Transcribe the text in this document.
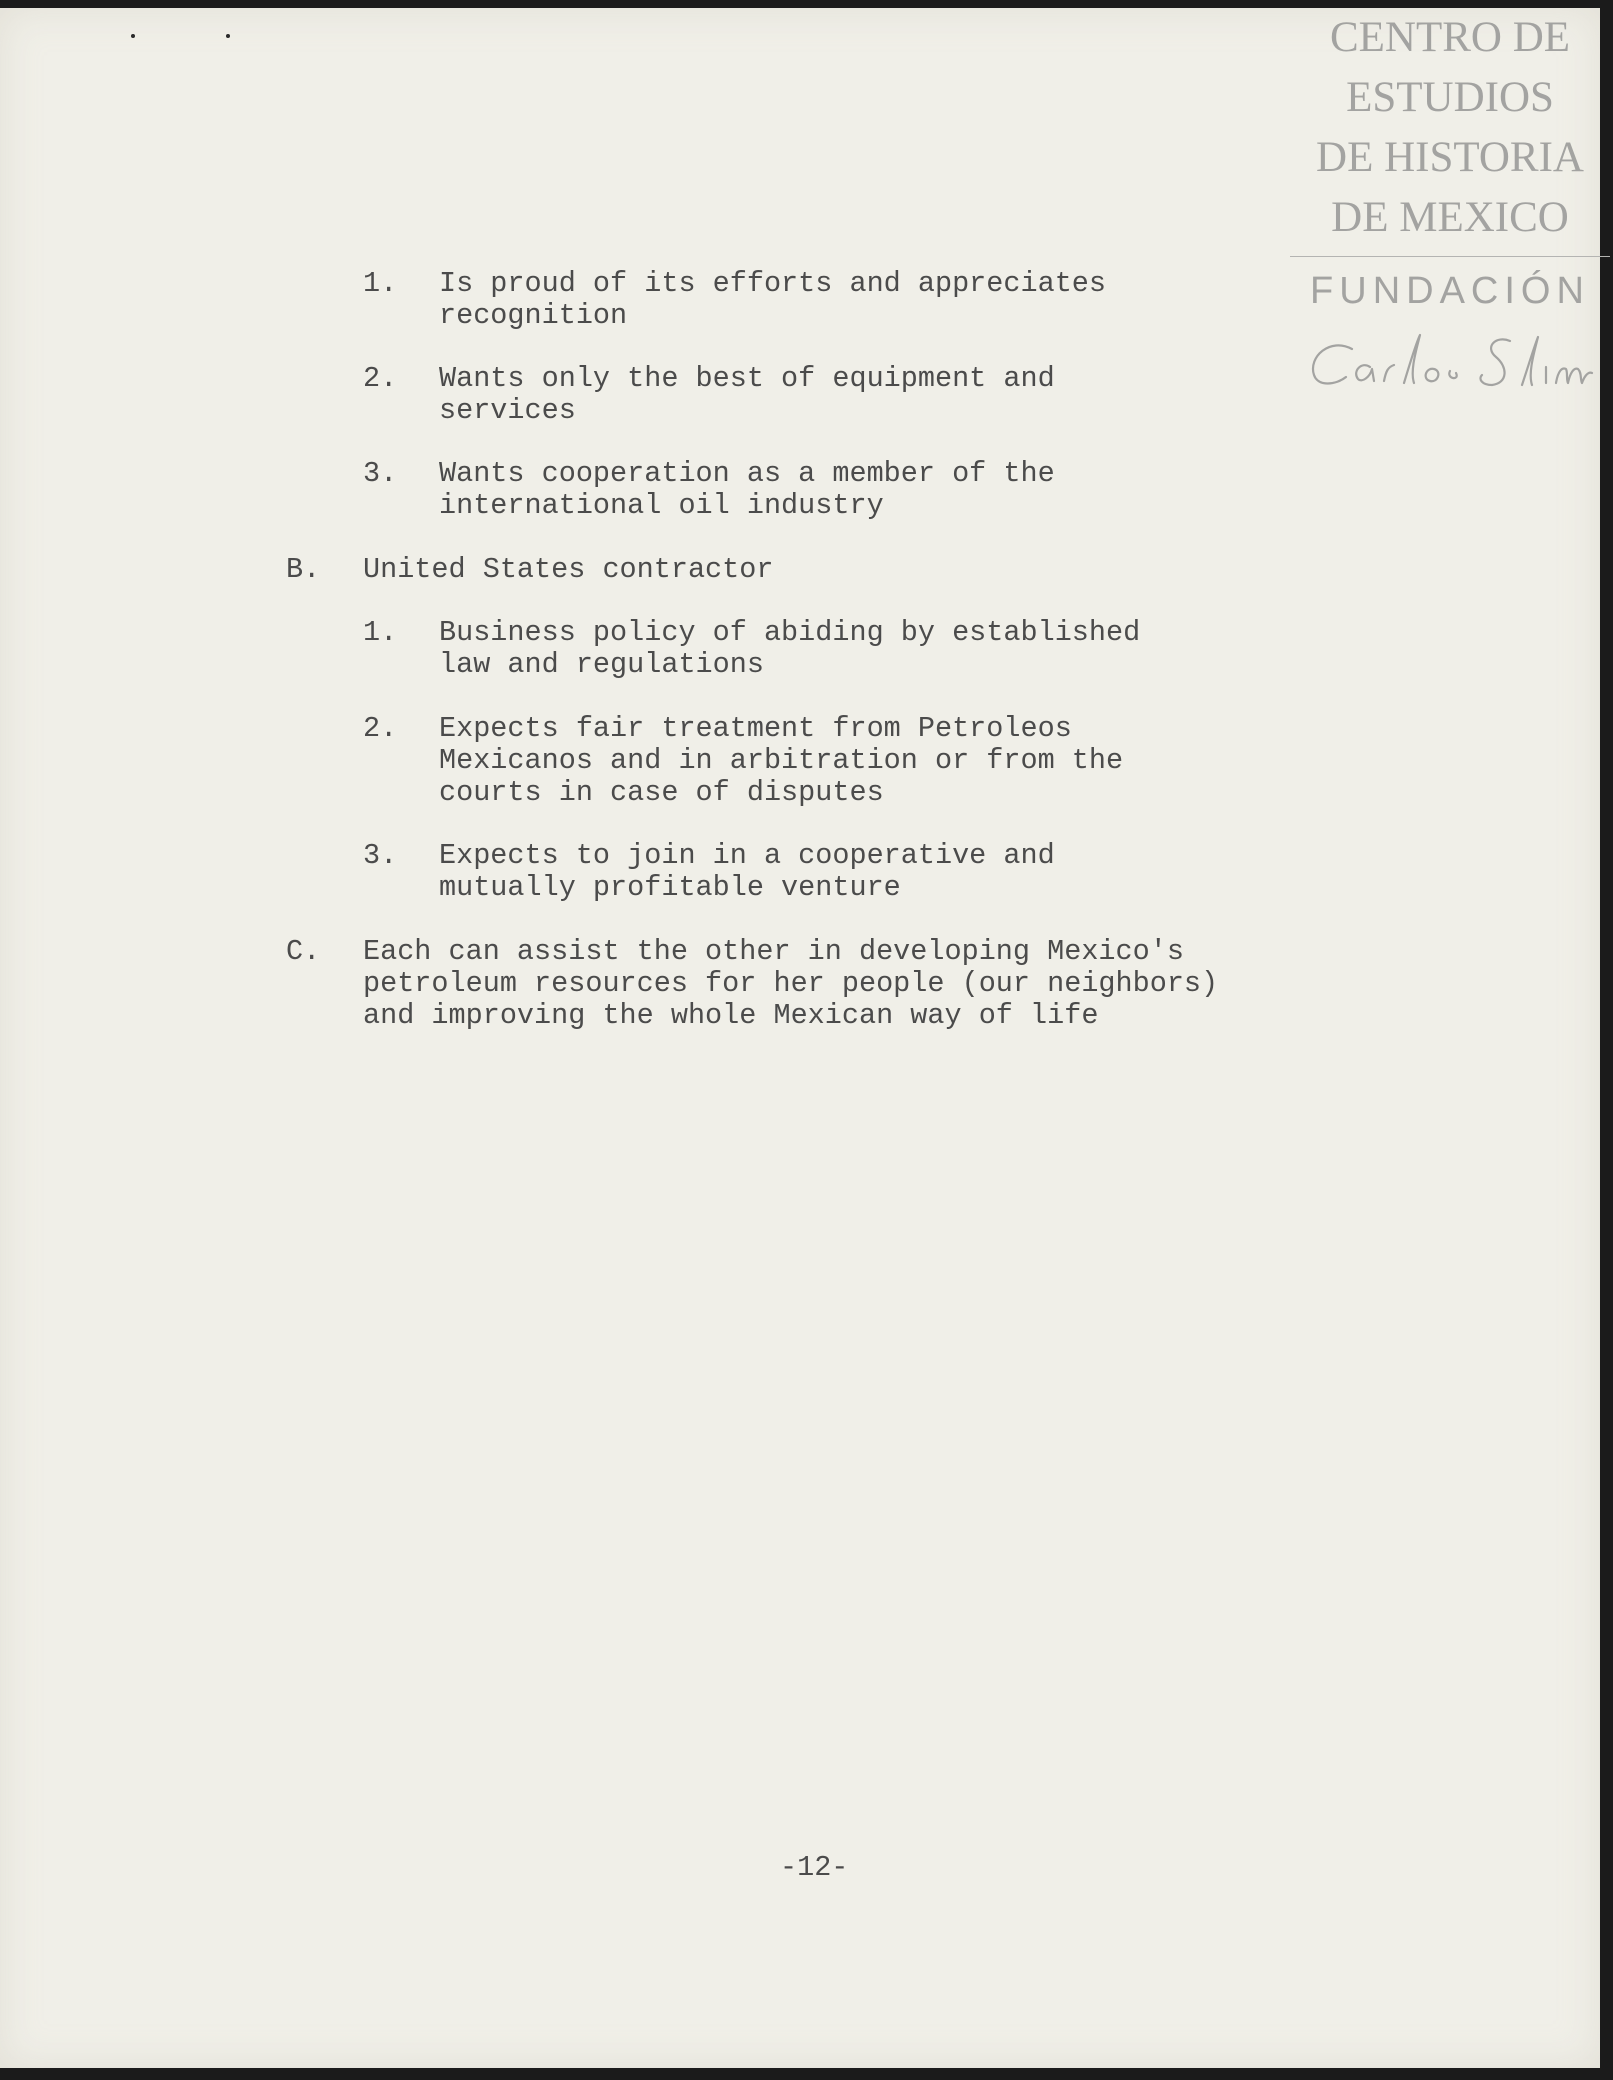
CENTRO DE
ESTUDIOS
DE HISTORIA
DE MEXICO
FUNDACIÓN
1. Is proud of its efforts and appreciates
recognition
2. Wants only the best of equipment and
services
3. Wants cooperation as a member of the
international oil industry
B. United States contractor
1. Business policy of abiding by established
law and regulations
2. Expects fair treatment from Petroleos
Mexicanos and in arbitration or from the
courts in case of disputes
3. Expects to join in a cooperative and
mutually profitable venture
C. Each can assist the other in developing Mexico's
petroleum resources for her people (our neighbors)
and improving the whole Mexican way of life
-12-
